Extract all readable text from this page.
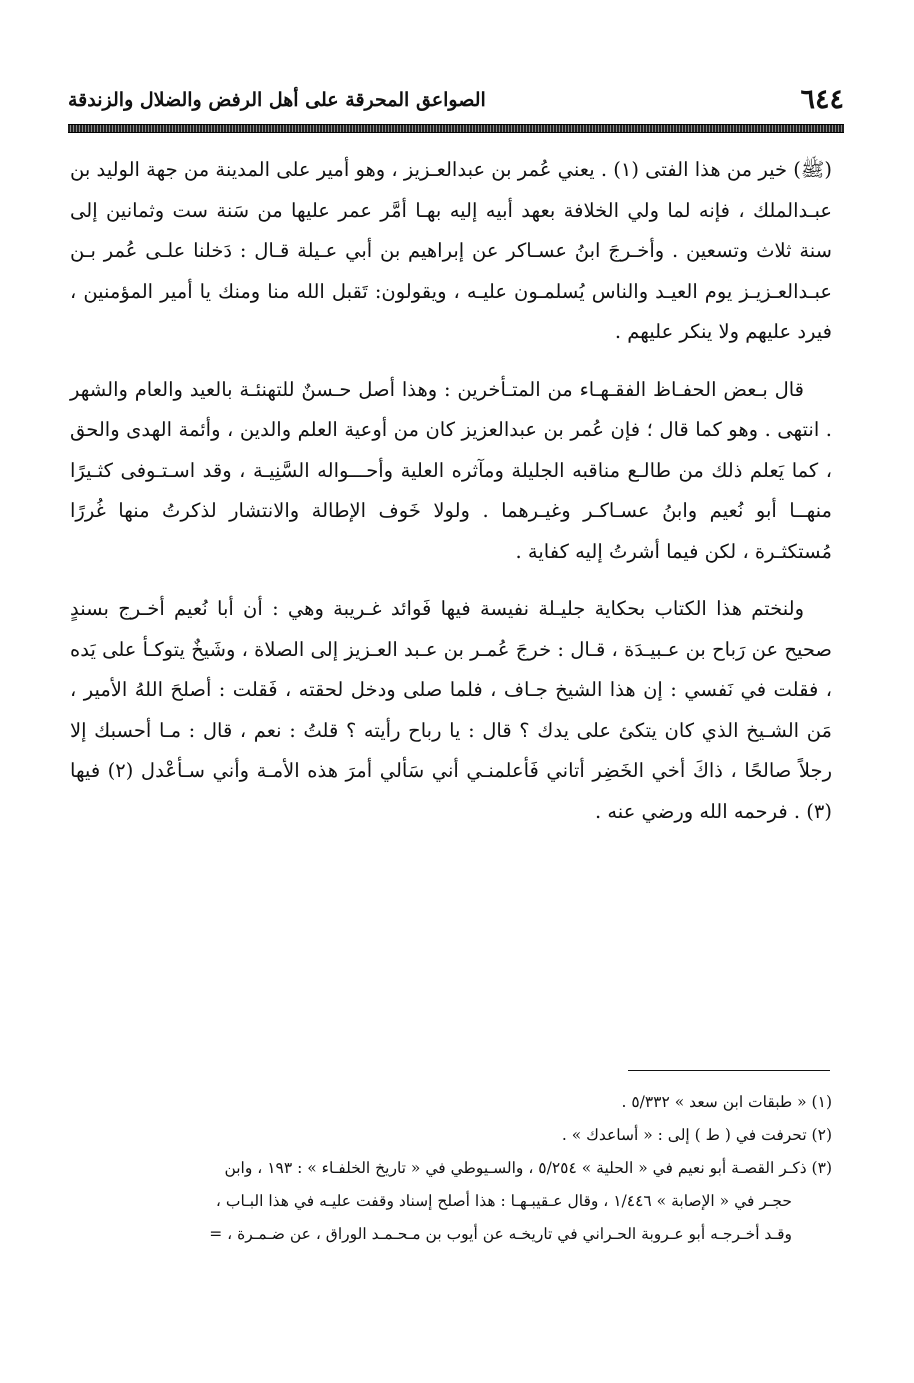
٦٤٤
الصواعق المحرقة على أهل الرفض والضلال والزندقة

(ﷺ) خير من هذا الفتى (١) . يعني عُمر بن عبدالعـزيز ، وهو أمير على المدينة من جهة الوليد بن عبـدالملك ، فإنه لما ولي الخلافة بعهد أبيه إليه بهـا أمَّر عمر عليها من سَنة ست وثمانين إلى سنة ثلاث وتسعين . وأخـرجَ ابنُ عسـاكر عن إبراهيم بن أبي عـيلة قـال : دَخلنا علـى عُمر بـن عبـدالعـزيـز يوم العيـد والناس يُسلمـون عليـه ، ويقولون: تَقبل الله منا ومنك يا أمير المؤمنين ، فيرد عليهم ولا ينكر عليهم .

قال بـعض الحفـاظ الفقـهـاء من المتـأخرين : وهذا أصل حـسنٌ للتهنئـة بالعيد والعام والشهر . انتهى . وهو كما قال ؛ فإن عُمر بن عبدالعزيز كان من أوعية العلم والدين ، وأئمة الهدى والحق ، كما يَعلم ذلك من طالـع مناقبه الجليلة ومآثره العلية وأحـــواله السَّنِيـة ، وقد اسـتـوفى كثـيرًا منهــا أبو نُعيم وابنُ عسـاكـر وغيـرهما . ولولا خَوف الإطالة والانتشار لذكرتُ منها غُررًا مُستكثـرة ، لكن فيما أشرتُ إليه كفاية .

ولنختم هذا الكتاب بحكاية جليـلة نفيسة فيها فَوائد غـريبة وهي : أن أبا نُعيم أخـرج بسندٍ صحيح عن رَباح بن عـبيـدَة ، قـال : خرجَ عُمـر بن عـبد العـزيز إلى الصلاة ، وشَيخٌ يتوكـأ على يَده ، فقلت في نَفسي : إن هذا الشيخ جـاف ، فلما صلى ودخل لحقته ، فَقلت : أصلحَ اللهُ الأمير ، مَن الشـيخ الذي كان يتكئ على يدك ؟ قال : يا رباح رأيته ؟ قلتُ : نعم ، قال : مـا أحسبك إلا رجلاً صالحًا ، ذاكَ أخي الخَضِر أتاني فَأعلمنـي أني سَألي أمرَ هذه الأمـة وأني سـأعْدل (٢) فيها (٣) . فرحمه الله ورضي عنه .

(١) « طبقات ابن سعد » ٥/٣٣٢ .

(٢) تحرفت في ( ط ) إلى : « أساعدك » .

(٣) ذكـر القصـة أبو نعيم في « الحلية » ٥/٢٥٤ ، والسـيوطي في « تاريخ الخلفـاء » : ١٩٣ ، وابن

حجـر في « الإصابة » ١/٤٤٦ ، وقال عـقيبـهـا : هذا أصلح إسناد وقفت عليـه في هذا البـاب ،

وقـد أخـرجـه أبو عـروبة الحـراني في تاريخـه عن أيوب بن مـحـمـد الوراق ، عن ضـمـرة ، =
